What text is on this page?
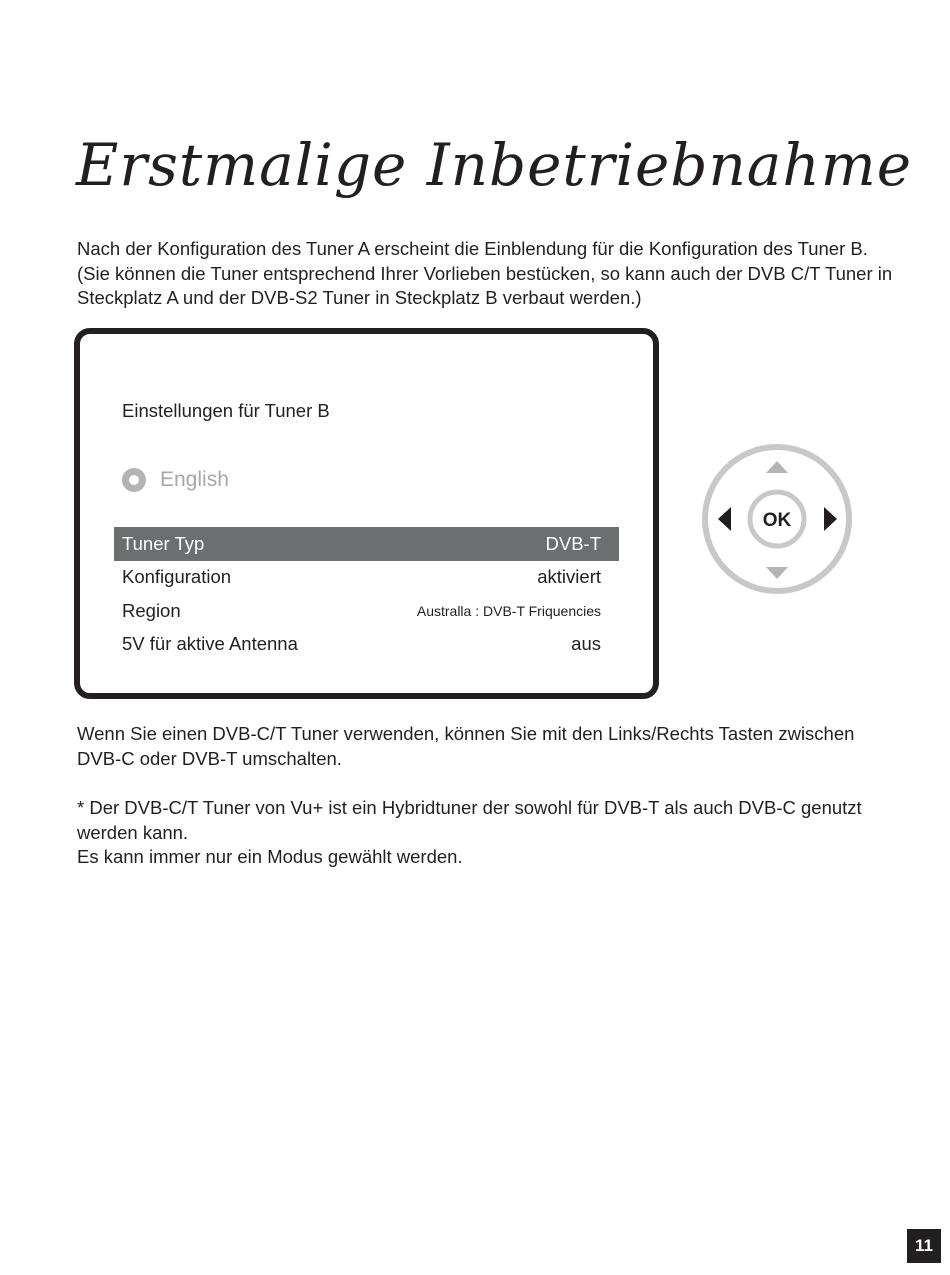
Erstmalige Inbetriebnahme
Nach der Konfiguration des Tuner A erscheint die Einblendung für die Konfiguration des Tuner B.
(Sie können die Tuner entsprechend Ihrer Vorlieben bestücken, so kann auch der DVB C/T Tuner in
Steckplatz A und der DVB-S2 Tuner in Steckplatz B verbaut werden.)
Einstellungen für Tuner B
English
Tuner Typ	DVB-T
Konfiguration	aktiviert
Region	Australla : DVB-T Friquencies
5V für aktive Antenna	aus
OK
Wenn Sie einen DVB-C/T Tuner verwenden, können Sie mit den Links/Rechts Tasten zwischen
DVB-C oder DVB-T umschalten.
* Der DVB-C/T Tuner von Vu+ ist ein Hybridtuner der sowohl für DVB-T als auch DVB-C genutzt
werden kann.
Es kann immer nur ein Modus gewählt werden.
11
